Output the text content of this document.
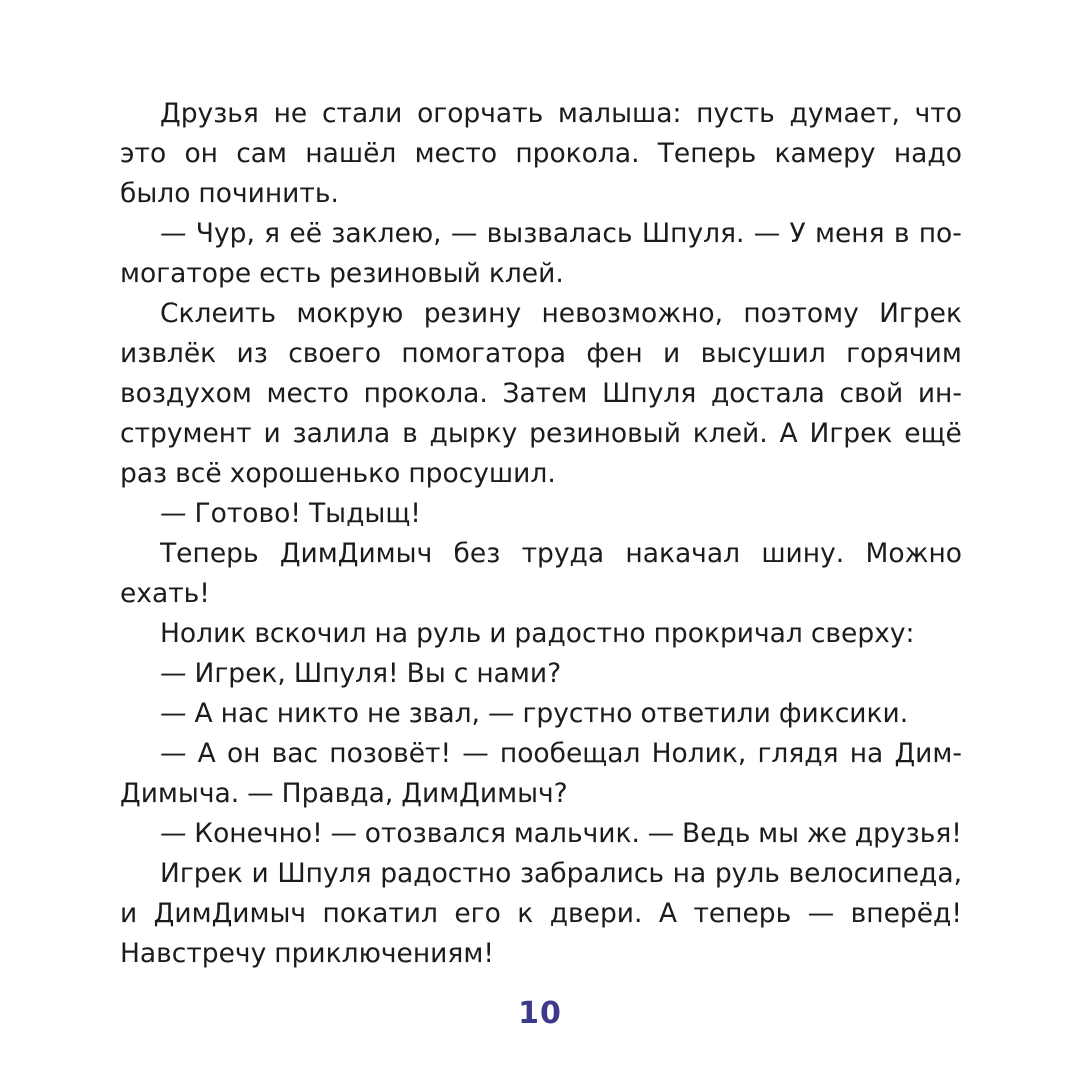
Друзья не стали огорчать малыша: пусть думает, что
это он сам нашёл место прокола. Теперь камеру надо
было починить.
— Чур, я её заклею, — вызвалась Шпуля. — У меня в по-
могаторе есть резиновый клей.
Склеить мокрую резину невозможно, поэтому Игрек
извлёк из своего помогатора фен и высушил горячим
воздухом место прокола. Затем Шпуля достала свой ин-
струмент и залила в дырку резиновый клей. А Игрек ещё
раз всё хорошенько просушил.
— Готово! Тыдыщ!
Теперь ДимДимыч без труда накачал шину. Можно
ехать!
Нолик вскочил на руль и радостно прокричал сверху:
— Игрек, Шпуля! Вы с нами?
— А нас никто не звал, — грустно ответили фиксики.
— А он вас позовёт! — пообещал Нолик, глядя на Дим-
Димыча. — Правда, ДимДимыч?
— Конечно! — отозвался мальчик. — Ведь мы же друзья!
Игрек и Шпуля радостно забрались на руль велосипеда,
и ДимДимыч покатил его к двери. А теперь — вперёд!
Навстречу приключениям!
10
